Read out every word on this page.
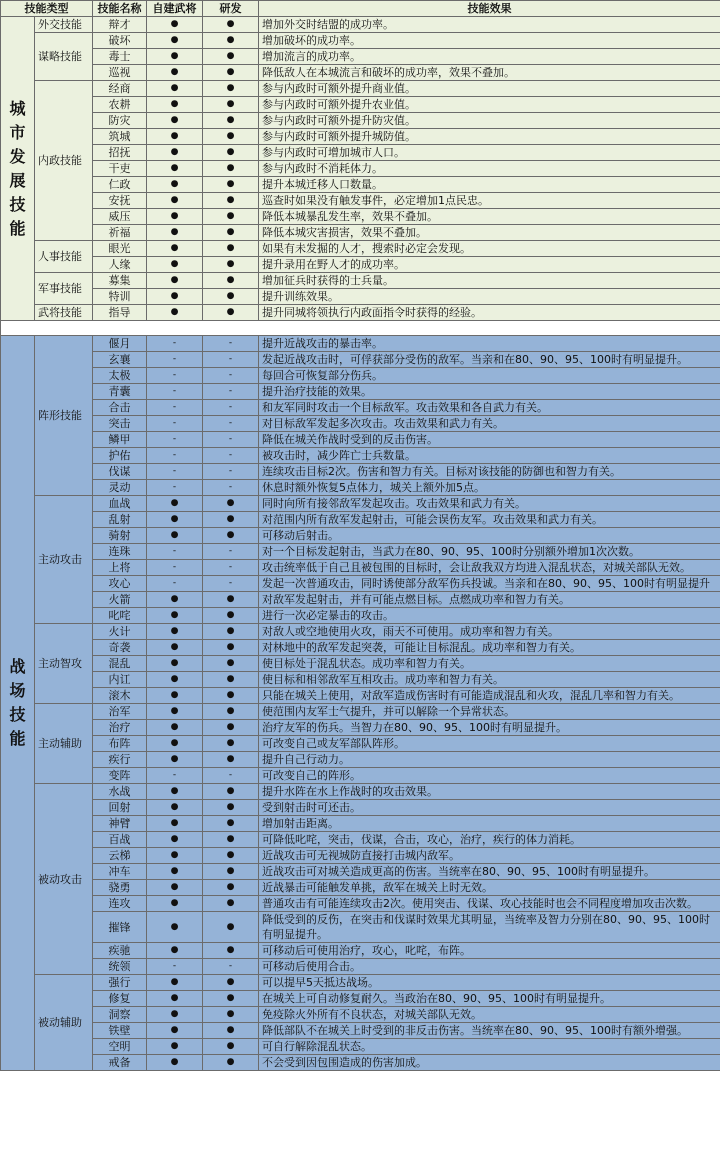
技能类型		技能名称	自建武将	研发	技能效果

城市发展技能	外交技能	辩才	●	●	增加外交时结盟的成功率。
	谋略技能	破坏	●	●	增加破坏的成功率。
		毒士	●	●	增加流言的成功率。
		巡视	●	●	降低敌人在本城流言和破坏的成功率，效果不叠加。
	内政技能	经商	●	●	参与内政时可额外提升商业值。
		农耕	●	●	参与内政时可额外提升农业值。
		防灾	●	●	参与内政时可额外提升防灾值。
		筑城	●	●	参与内政时可额外提升城防值。
		招抚	●	●	参与内政时可增加城市人口。
		干吏	●	●	参与内政时不消耗体力。
		仁政	●	●	提升本城迁移人口数量。
		安抚	●	●	巡查时如果没有触发事件，必定增加1点民忠。
		威压	●	●	降低本城暴乱发生率，效果不叠加。
		祈福	●	●	降低本城灾害损害，效果不叠加。
	人事技能	眼光	●	●	如果有未发掘的人才，搜索时必定会发现。
		人缘	●	●	提升录用在野人才的成功率。
	军事技能	募集	●	●	增加征兵时获得的士兵量。
		特训	●	●	提升训练效果。
	武将技能	指导	●	●	提升同城将领执行内政面指令时获得的经验。

战场技能	阵形技能	偃月	-	-	提升近战攻击的暴击率。
		玄襄	-	-	发起近战攻击时，可俘获部分受伤的敌军。当亲和在80、90、95、100时有明显提升。
		太极	-	-	每回合可恢复部分伤兵。
		青囊	-	-	提升治疗技能的效果。
		合击	-	-	和友军同时攻击一个目标敌军。攻击效果和各自武力有关。
		突击	-	-	对目标敌军发起多次攻击。攻击效果和武力有关。
		鳞甲	-	-	降低在城关作战时受到的反击伤害。
		护佑	-	-	被攻击时，减少阵亡士兵数量。
		伐谋	-	-	连续攻击目标2次。伤害和智力有关。目标对该技能的防御也和智力有关。
		灵动	-	-	休息时额外恢复5点体力，城关上额外加5点。
	主动攻击	血战	●	●	同时向所有接邻敌军发起攻击。攻击效果和武力有关。
		乱射	●	●	对范围内所有敌军发起射击，可能会误伤友军。攻击效果和武力有关。
		骑射	●	●	可移动后射击。
		连珠	-	-	对一个目标发起射击，当武力在80、90、95、100时分别额外增加1次次数。
		上将	-	-	攻击统率低于自己且被包围的目标时，会让敌我双方均进入混乱状态，对城关部队无效。
		攻心	-	-	发起一次普通攻击，同时诱使部分敌军伤兵投诚。当亲和在80、90、95、100时有明显提升
		火箭	●	●	对敌军发起射击，并有可能点燃目标。点燃成功率和智力有关。
		叱咤	●	●	进行一次必定暴击的攻击。
	主动智攻	火计	●	●	对敌人或空地使用火攻，雨天不可使用。成功率和智力有关。
		奇袭	●	●	对林地中的敌军发起突袭，可能让目标混乱。成功率和智力有关。
		混乱	●	●	使目标处于混乱状态。成功率和智力有关。
		内讧	●	●	使目标和相邻敌军互相攻击。成功率和智力有关。
		滚木	●	●	只能在城关上使用，对敌军造成伤害时有可能造成混乱和火攻，混乱几率和智力有关。
	主动辅助	治军	●	●	使范围内友军士气提升，并可以解除一个异常状态。
		治疗	●	●	治疗友军的伤兵。当智力在80、90、95、100时有明显提升。
		布阵	●	●	可改变自己或友军部队阵形。
		疾行	●	●	提升自己行动力。
		变阵	-	-	可改变自己的阵形。
	被动攻击	水战	●	●	提升水阵在水上作战时的攻击效果。
		回射	●	●	受到射击时可还击。
		神臂	●	●	增加射击距离。
		百战	●	●	可降低叱咤，突击，伐谋，合击，攻心，治疗，疾行的体力消耗。
		云梯	●	●	近战攻击可无视城防直接打击城内敌军。
		冲车	●	●	近战攻击可对城关造成更高的伤害。当统率在80、90、95、100时有明显提升。
		骁勇	●	●	近战暴击可能触发单挑，敌军在城关上时无效。
		连攻	●	●	普通攻击有可能连续攻击2次。使用突击、伐谋、攻心技能时也会不同程度增加攻击次数。
		摧锋	●	●	降低受到的反伤，在突击和伐谋时效果尤其明显，当统率及智力分别在80、90、95、100时有明显提升。
		疾驰	●	●	可移动后可使用治疗，攻心，叱咤，布阵。
		统领	-	-	可移动后使用合击。
	被动辅助	强行	●	●	可以提早5天抵达战场。
		修复	●	●	在城关上可自动修复耐久。当政治在80、90、95、100时有明显提升。
		洞察	●	●	免疫除火外所有不良状态，对城关部队无效。
		铁壁	●	●	降低部队不在城关上时受到的非反击伤害。当统率在80、90、95、100时有额外增强。
		空明	●	●	可自行解除混乱状态。
		戒备	●	●	不会受到因包围造成的伤害加成。
